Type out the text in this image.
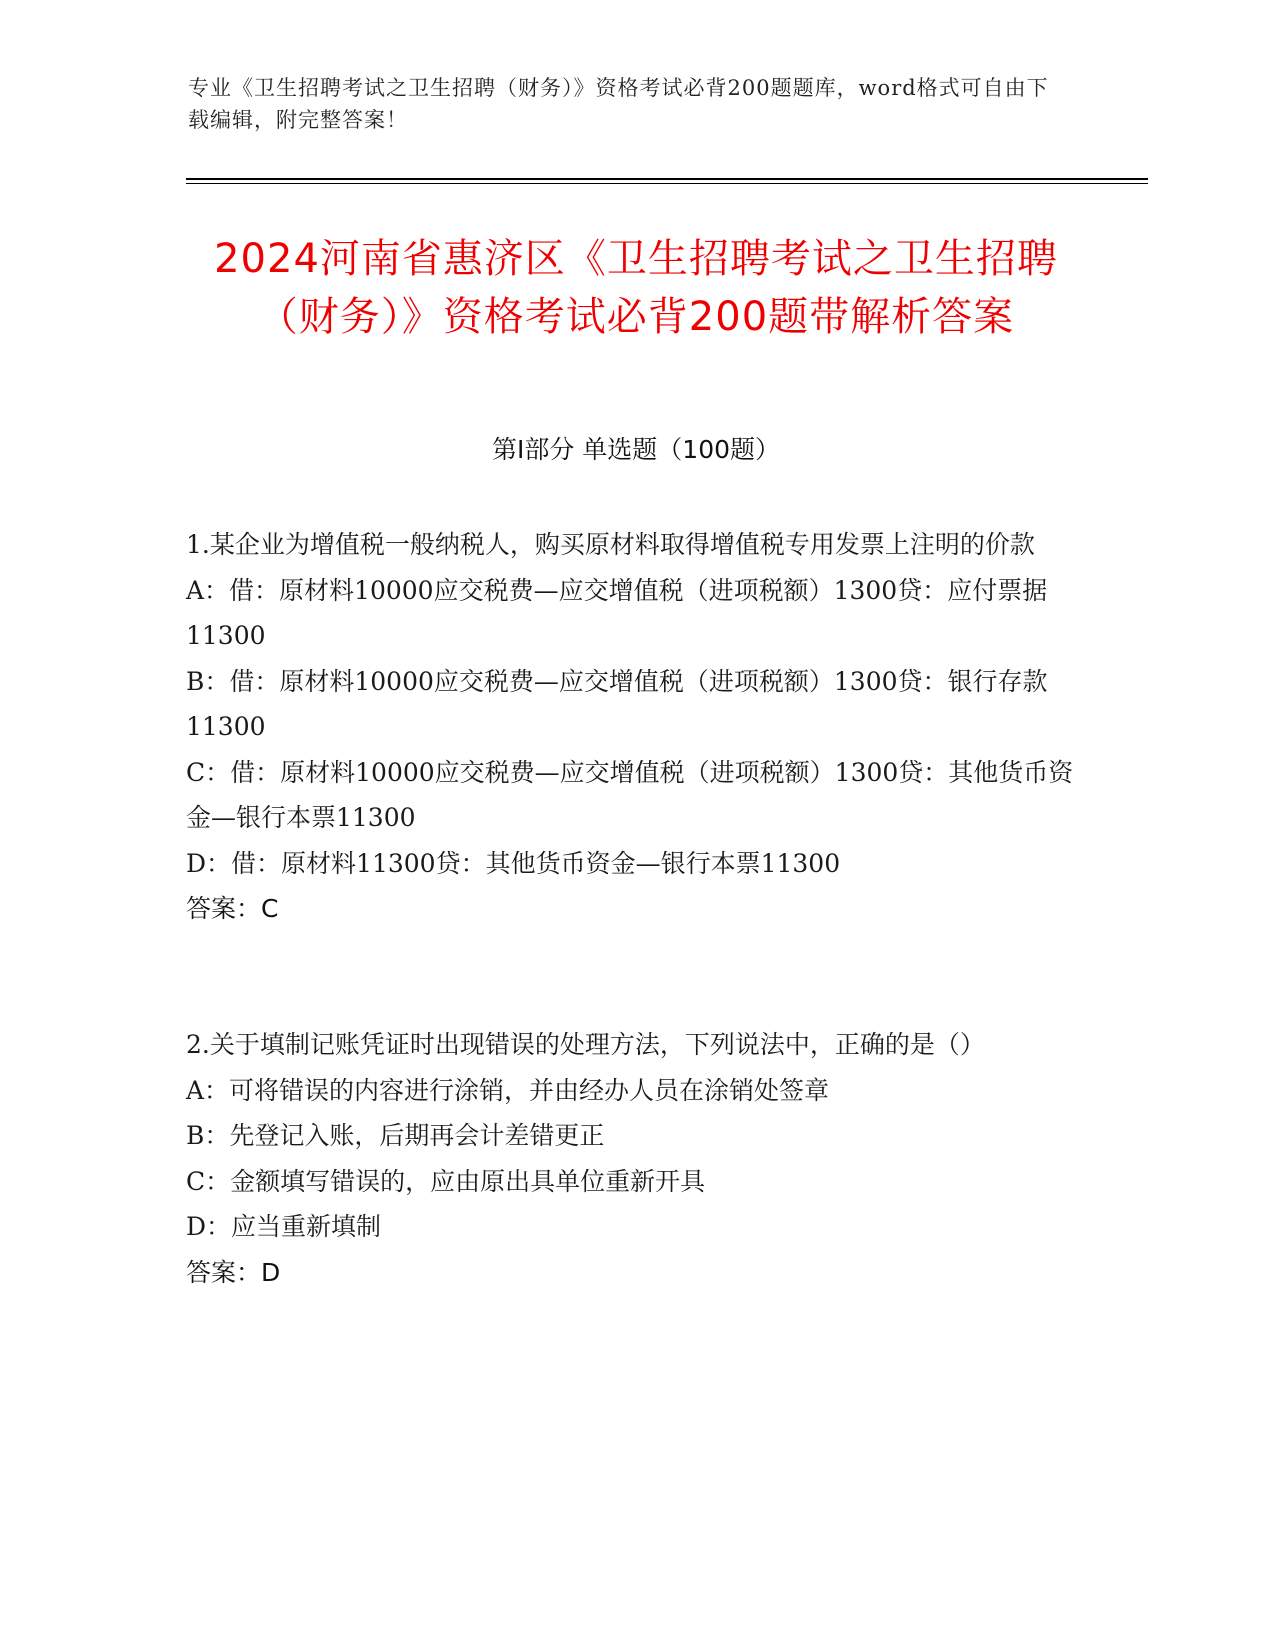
专业《卫生招聘考试之卫生招聘（财务）》资格考试必背200题题库，word格式可自由下载编辑，附完整答案！
2024河南省惠济区《卫生招聘考试之卫生招聘（财务）》资格考试必背200题带解析答案
第I部分 单选题（100题）
1.某企业为增值税一般纳税人，购买原材料取得增值税专用发票上注明的价款
A：借：原材料10000应交税费—应交增值税（进项税额）1300贷：应付票据11300
B：借：原材料10000应交税费—应交增值税（进项税额）1300贷：银行存款11300
C：借：原材料10000应交税费—应交增值税（进项税额）1300贷：其他货币资金—银行本票11300
D：借：原材料11300贷：其他货币资金—银行本票11300
答案：C
2.关于填制记账凭证时出现错误的处理方法，下列说法中，正确的是（）
A：可将错误的内容进行涂销，并由经办人员在涂销处签章
B：先登记入账，后期再会计差错更正
C：金额填写错误的，应由原出具单位重新开具
D：应当重新填制
答案：D
